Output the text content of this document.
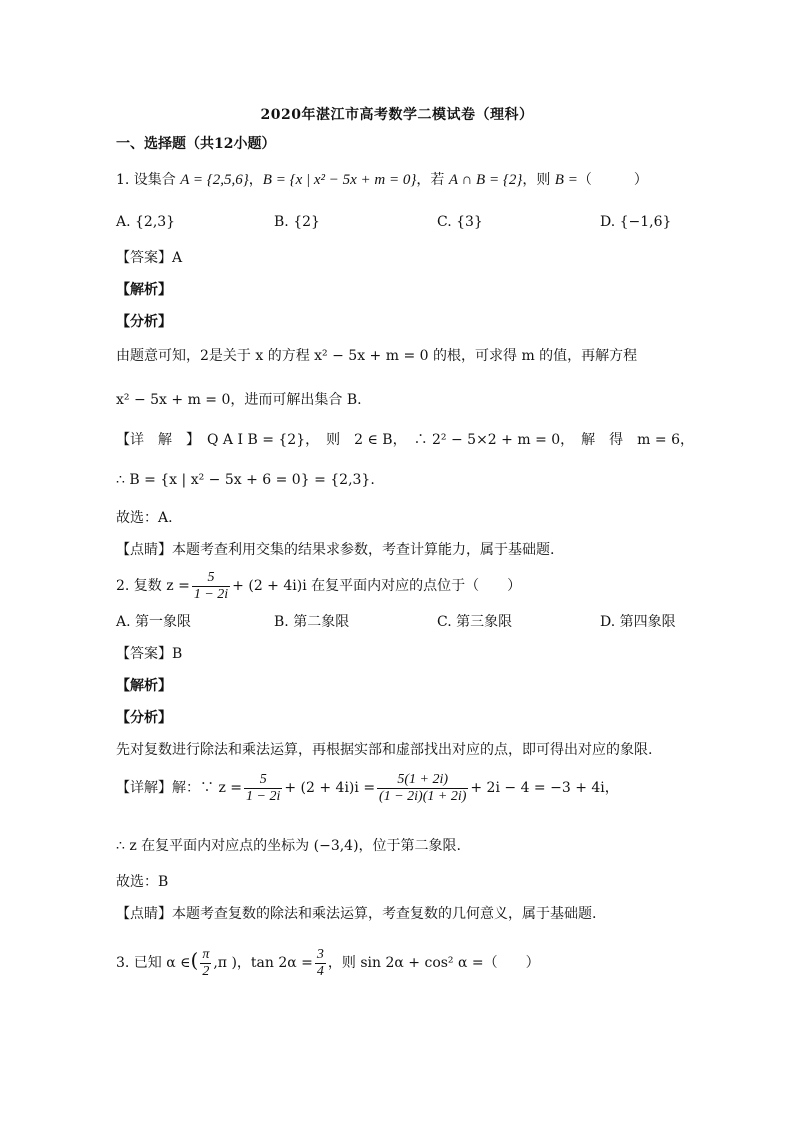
2020年湛江市高考数学二模试卷（理科）
一、选择题（共12小题）
1. 设集合 A = {2,5,6}，B = {x | x² − 5x + m = 0}，若 A ∩ B = {2}，则 B =（　　　）
A. {2,3}	B. {2}	C. {3}	D. {−1,6}
【答案】A
【解析】
【分析】
由题意可知，2是关于 x 的方程 x² − 5x + m = 0 的根，可求得 m 的值，再解方程
x² − 5x + m = 0，进而可解出集合 B.
【详　解　】　Q A I B = {2}，　则　2 ∈ B，　∴ 2² − 5×2 + m = 0，　解　得　m = 6，
∴ B = {x | x² − 5x + 6 = 0} = {2,3}.
故选：A.
【点睛】本题考查利用交集的结果求参数，考查计算能力，属于基础题.
2. 复数 $z = \frac{5}{1 - 2i} + (2 + 4i)i$ 在复平面内对应的点位于（　　）
A. 第一象限	B. 第二象限	C. 第三象限	D. 第四象限
【答案】B
【解析】
【分析】
先对复数进行除法和乘法运算，再根据实部和虚部找出对应的点，即可得出对应的象限.
【详解】解：∵ $z = \frac{5}{1 - 2i} + (2 + 4i)i = \frac{5(1 + 2i)}{(1 - 2i)(1 + 2i)} + 2i - 4 = -3 + 4i$，
∴ z 在复平面内对应点的坐标为 (−3,4)，位于第二象限.
故选：B
【点睛】本题考查复数的除法和乘法运算，考查复数的几何意义，属于基础题.
3. 已知 α ∈( $\frac{\pi}{2} ,\pi$ )，$\tan 2\alpha = \frac{3}{4}$ ，则 sin 2α + cos² α =（　　）
